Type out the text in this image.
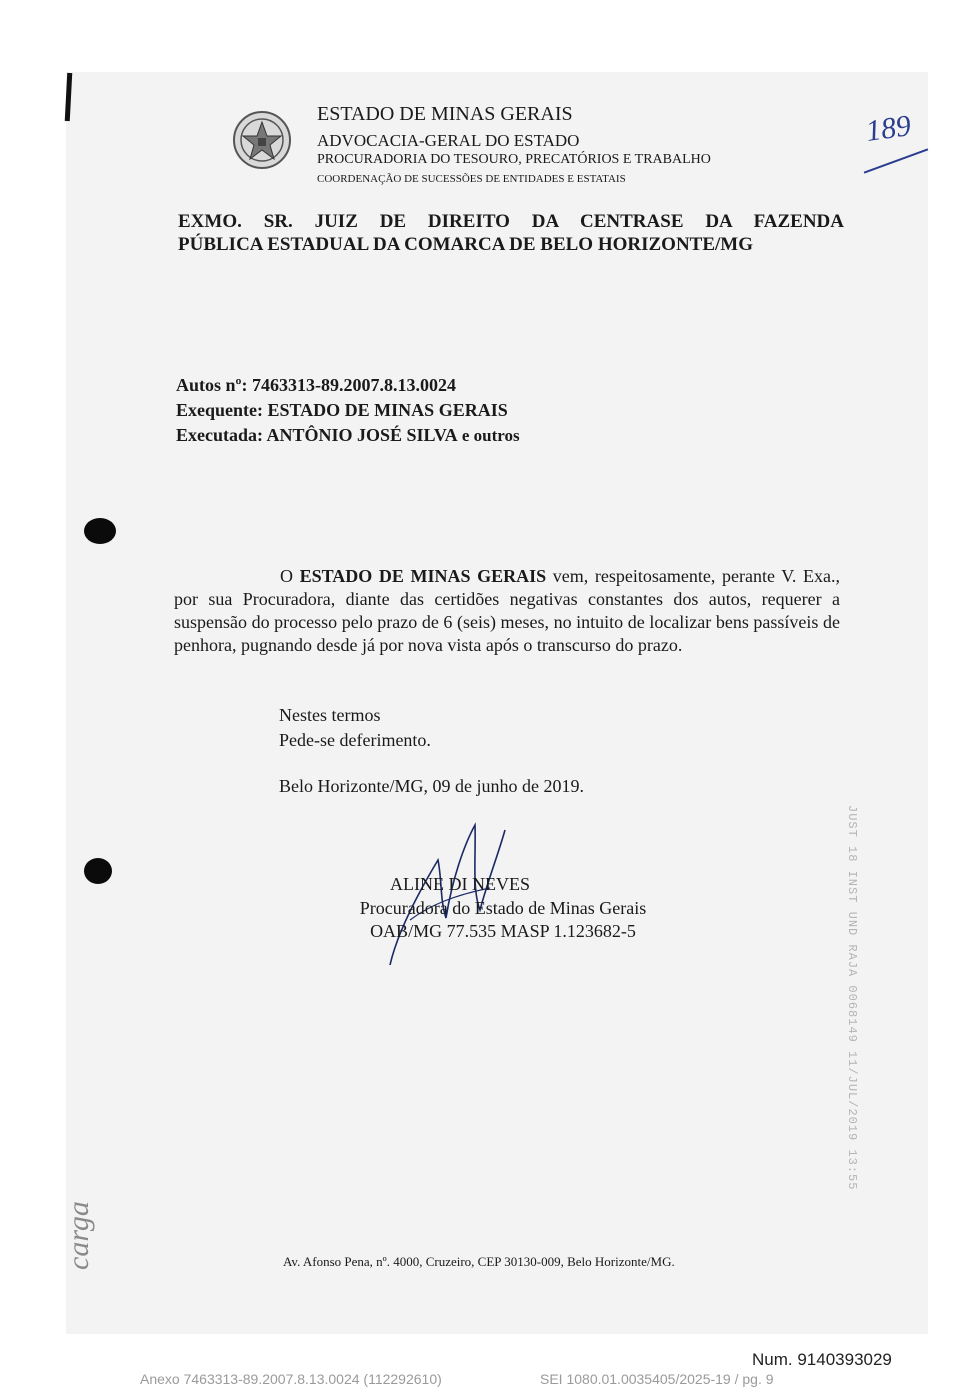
ESTADO DE MINAS GERAIS
ADVOCACIA-GERAL DO ESTADO
PROCURADORIA DO TESOURO, PRECATÓRIOS E TRABALHO
COORDENAÇÃO DE SUCESSÕES DE ENTIDADES E ESTATAIS
189
EXMO. SR. JUIZ DE DIREITO DA CENTRASE DA FAZENDA
PÚBLICA ESTADUAL DA COMARCA DE BELO HORIZONTE/MG
Autos nº: 7463313-89.2007.8.13.0024
Exequente: ESTADO DE MINAS GERAIS
Executada: ANTÔNIO JOSÉ SILVA e outros
O ESTADO DE MINAS GERAIS vem, respeitosamente, perante V. Exa., por sua Procuradora, diante das certidões negativas constantes dos autos, requerer a suspensão do processo pelo prazo de 6 (seis) meses, no intuito de localizar bens passíveis de penhora, pugnando desde já por nova vista após o transcurso do prazo.
Nestes termos
Pede-se deferimento.
Belo Horizonte/MG, 09 de junho de 2019.
ALINE DI NEVES
Procuradora do Estado de Minas Gerais
OAB/MG 77.535 MASP 1.123682-5	JUST 18 INST UND RAJA 0068149 11/JUL/2019 13:55
carga	Av. Afonso Pena, nº. 4000, Cruzeiro, CEP 30130-009, Belo Horizonte/MG.
Num. 9140393029
Anexo 7463313-89.2007.8.13.0024 (112292610)	SEI 1080.01.0035405/2025-19 / pg. 9
